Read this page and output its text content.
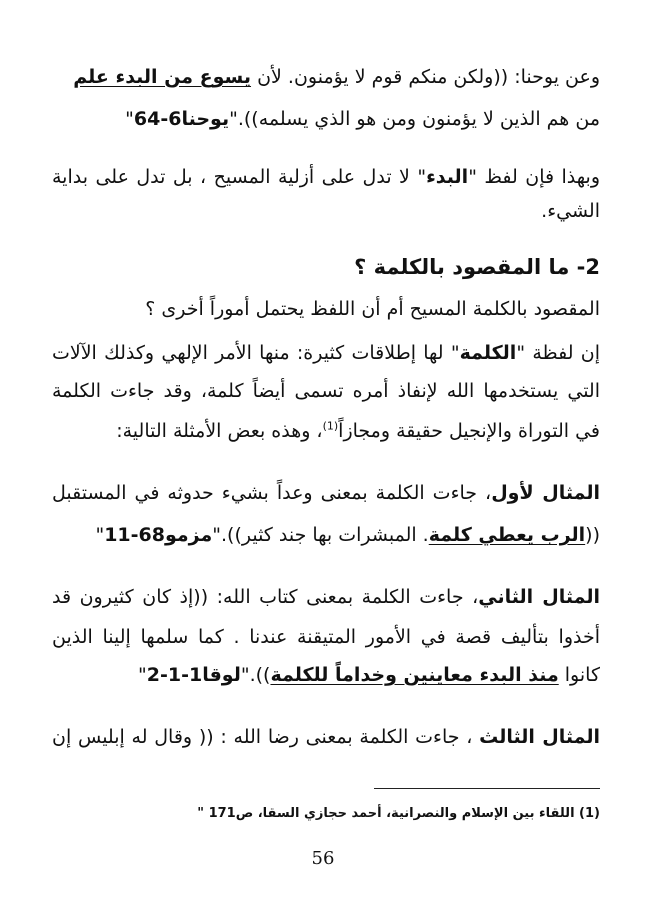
وعن يوحنا: ((ولكن منكم قوم لا يؤمنون. لأن يسوع من البدء علم
من هم الذين لا يؤمنون ومن هو الذي يسلمه))."يوحنا6-64"
وبهذا فإن لفظ "البدء" لا تدل على أزلية المسيح ، بل تدل على بداية
الشيء.
2- ما المقصود بالكلمة ؟
المقصود بالكلمة المسيح أم أن اللفظ يحتمل أموراً أخرى ؟
إن لفظة "الكلمة" لها إطلاقات كثيرة: منها الأمر الإلهي وكذلك الآلات
التي يستخدمها الله لإنفاذ أمره تسمى أيضاً كلمة، وقد جاءت الكلمة
في التوراة والإنجيل حقيقة ومجازاً$^{(1)}$، وهذه بعض الأمثلة التالية:
المثال لأول، جاءت الكلمة بمعنى وعداً بشيء حدوثه في المستقبل
((الرب يعطي كلمة. المبشرات بها جند كثير))."مزمو68-11"
المثال الثاني، جاءت الكلمة بمعنى كتاب الله: ((إذ كان كثيرون قد
أخذوا بتأليف قصة في الأمور المتيقنة عندنا . كما سلمها إلينا الذين
كانوا منذ البدء معاينين وخداماً للكلمة))."لوقا1-1-2"
المثال الثالث ، جاءت الكلمة بمعنى رضا الله : (( وقال له إبليس إن
(1) اللقاء بين الإسلام والنصرانية، أحمد حجازي السقا، ص171 "
56
